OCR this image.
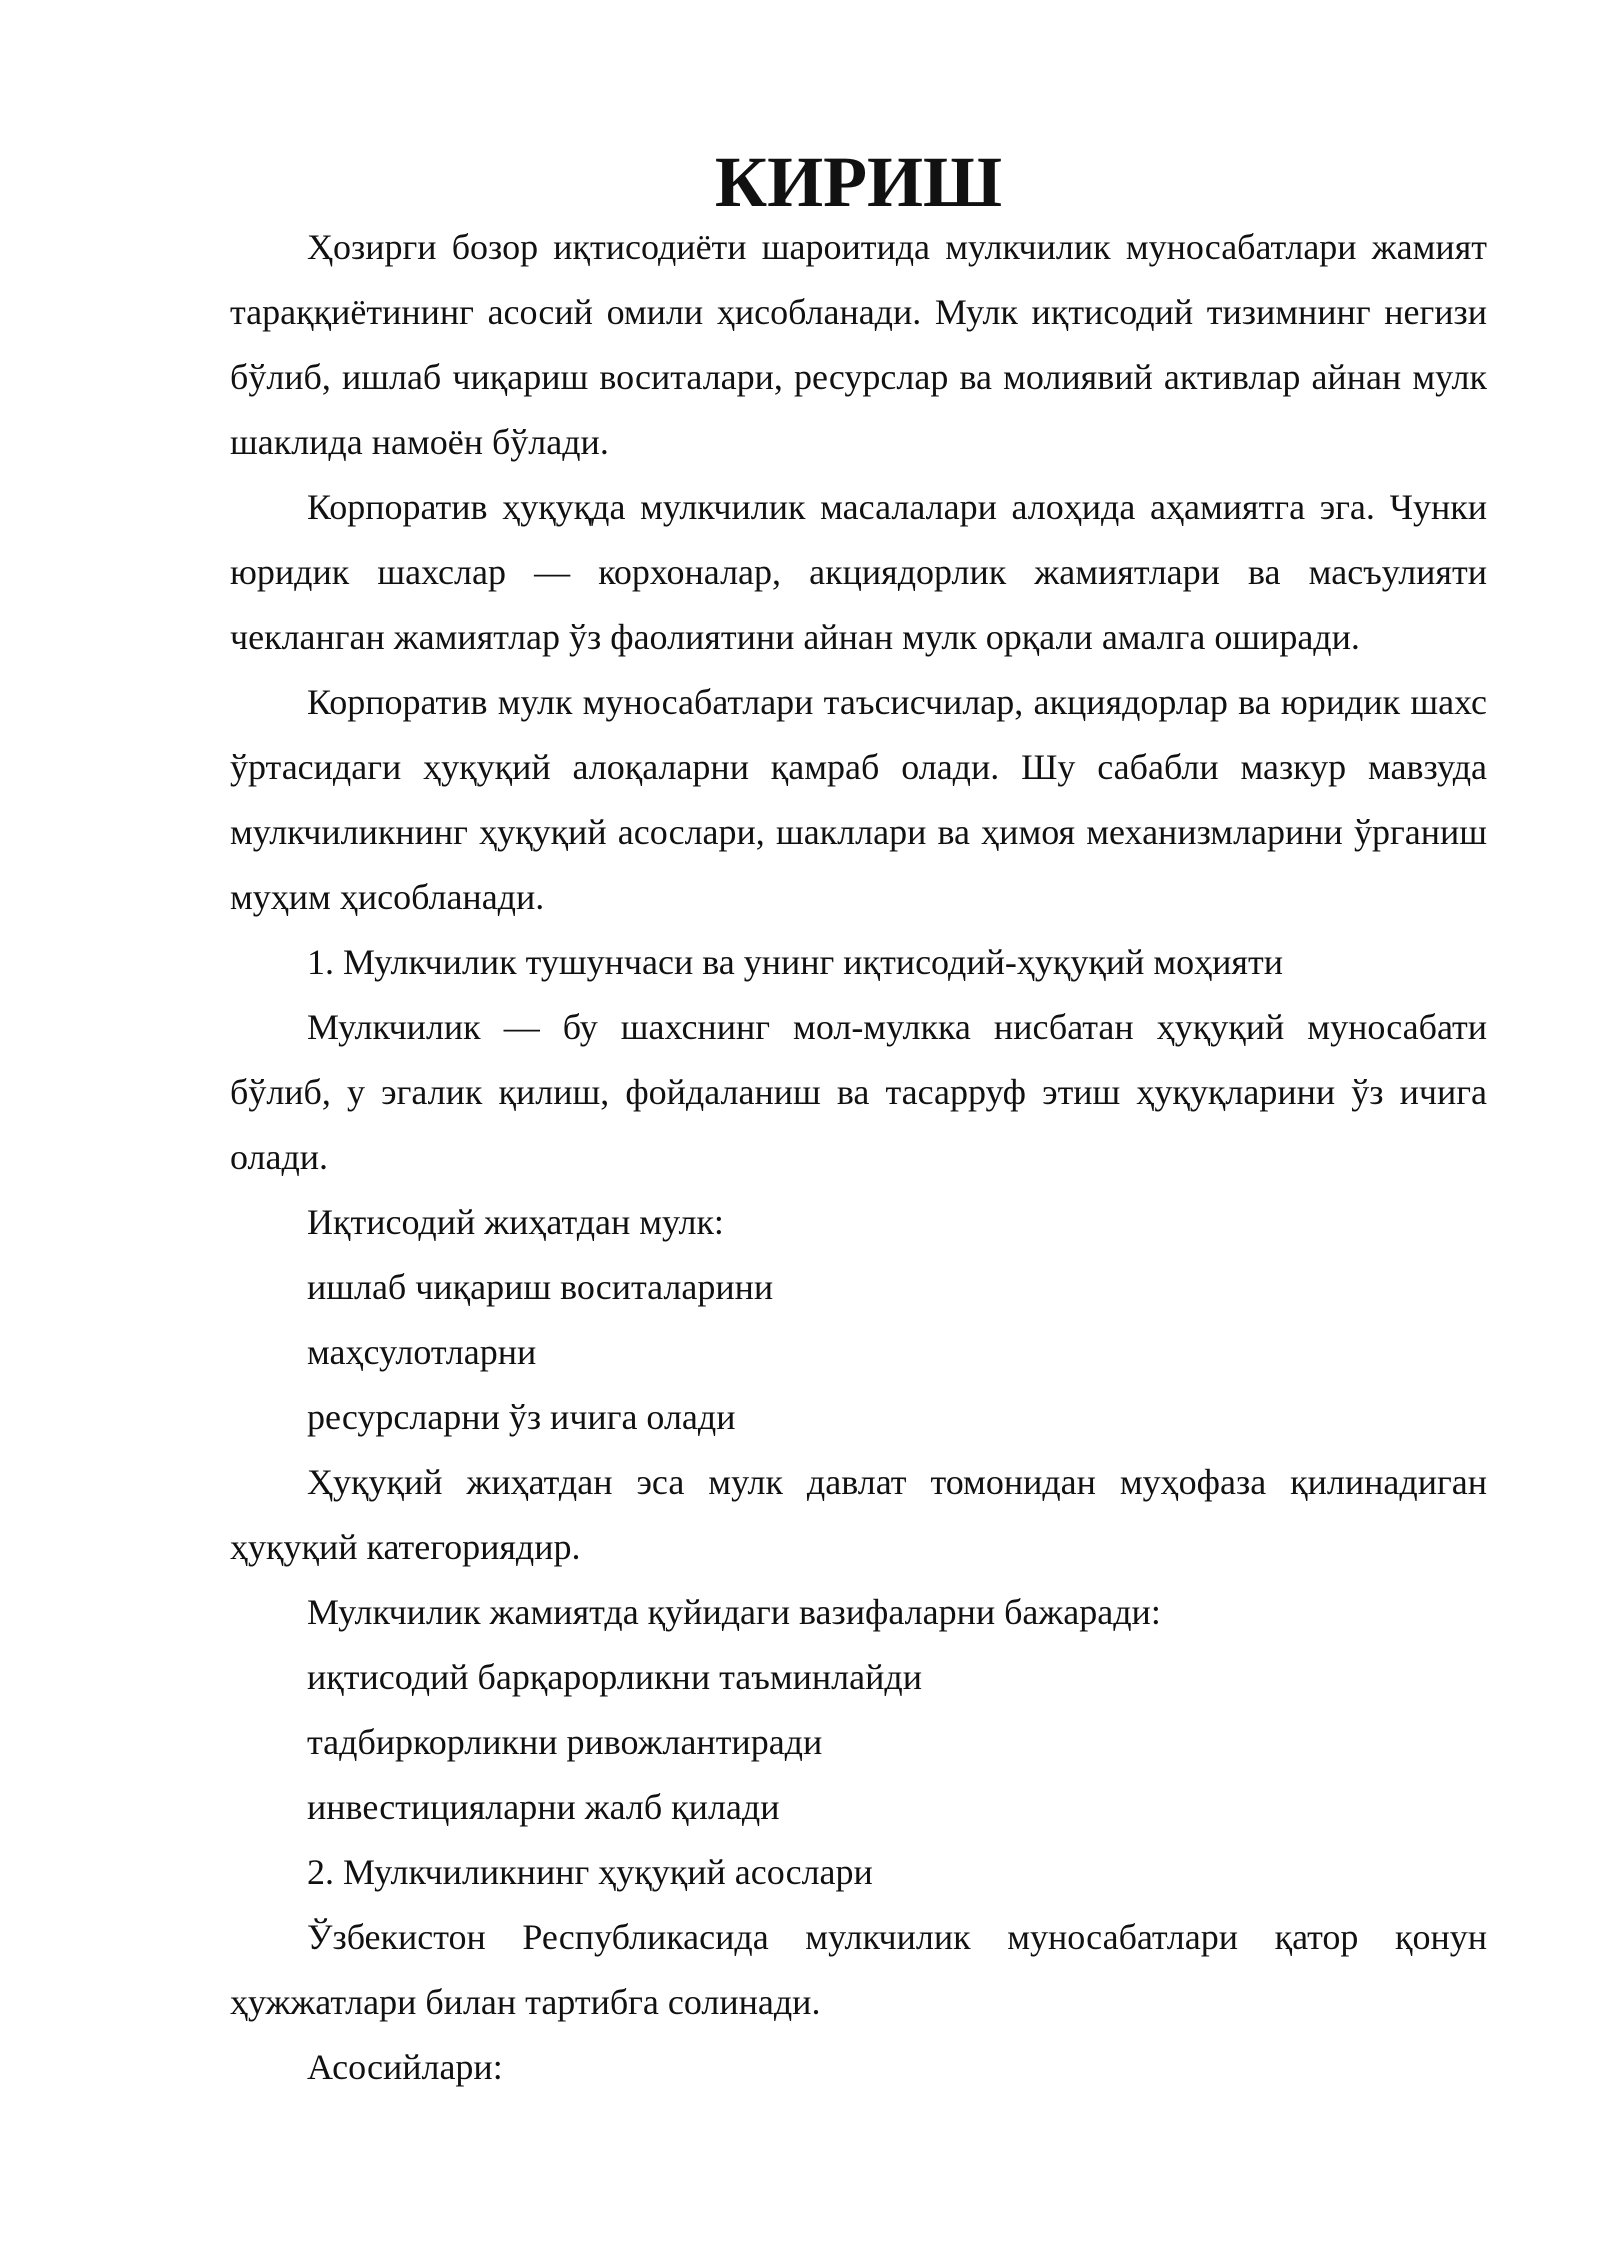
КИРИШ

Ҳозирги бозор иқтисодиёти шароитида мулкчилик муносабатлари жамият тараққиётининг асосий омили ҳисобланади. Мулк иқтисодий тизимнинг негизи бўлиб, ишлаб чиқариш воситалари, ресурслар ва молиявий активлар айнан мулк шаклида намоён бўлади.

Корпоратив ҳуқуқда мулкчилик масалалари алоҳида аҳамиятга эга. Чунки юридик шахслар — корхоналар, акциядорлик жамиятлари ва масъулияти чекланган жамиятлар ўз фаолиятини айнан мулк орқали амалга оширади.

Корпоратив мулк муносабатлари таъсисчилар, акциядорлар ва юридик шахс ўртасидаги ҳуқуқий алоқаларни қамраб олади. Шу сабабли мазкур мавзуда мулкчиликнинг ҳуқуқий асослари, шакллари ва ҳимоя механизмларини ўрганиш муҳим ҳисобланади.

1. Мулкчилик тушунчаси ва унинг иқтисодий-ҳуқуқий моҳияти

Мулкчилик — бу шахснинг мол-мулкка нисбатан ҳуқуқий муносабати бўлиб, у эгалик қилиш, фойдаланиш ва тасарруф этиш ҳуқуқларини ўз ичига олади.

Иқтисодий жиҳатдан мулк:

ишлаб чиқариш воситаларини

маҳсулотларни

ресурсларни ўз ичига олади

Ҳуқуқий жиҳатдан эса мулк давлат томонидан муҳофаза қилинадиган ҳуқуқий категориядир.

Мулкчилик жамиятда қуйидаги вазифаларни бажаради:

иқтисодий барқарорликни таъминлайди

тадбиркорликни ривожлантиради

инвестицияларни жалб қилади

2. Мулкчиликнинг ҳуқуқий асослари

Ўзбекистон Республикасида мулкчилик муносабатлари қатор қонун ҳужжатлари билан тартибга солинади.

Асосийлари:
